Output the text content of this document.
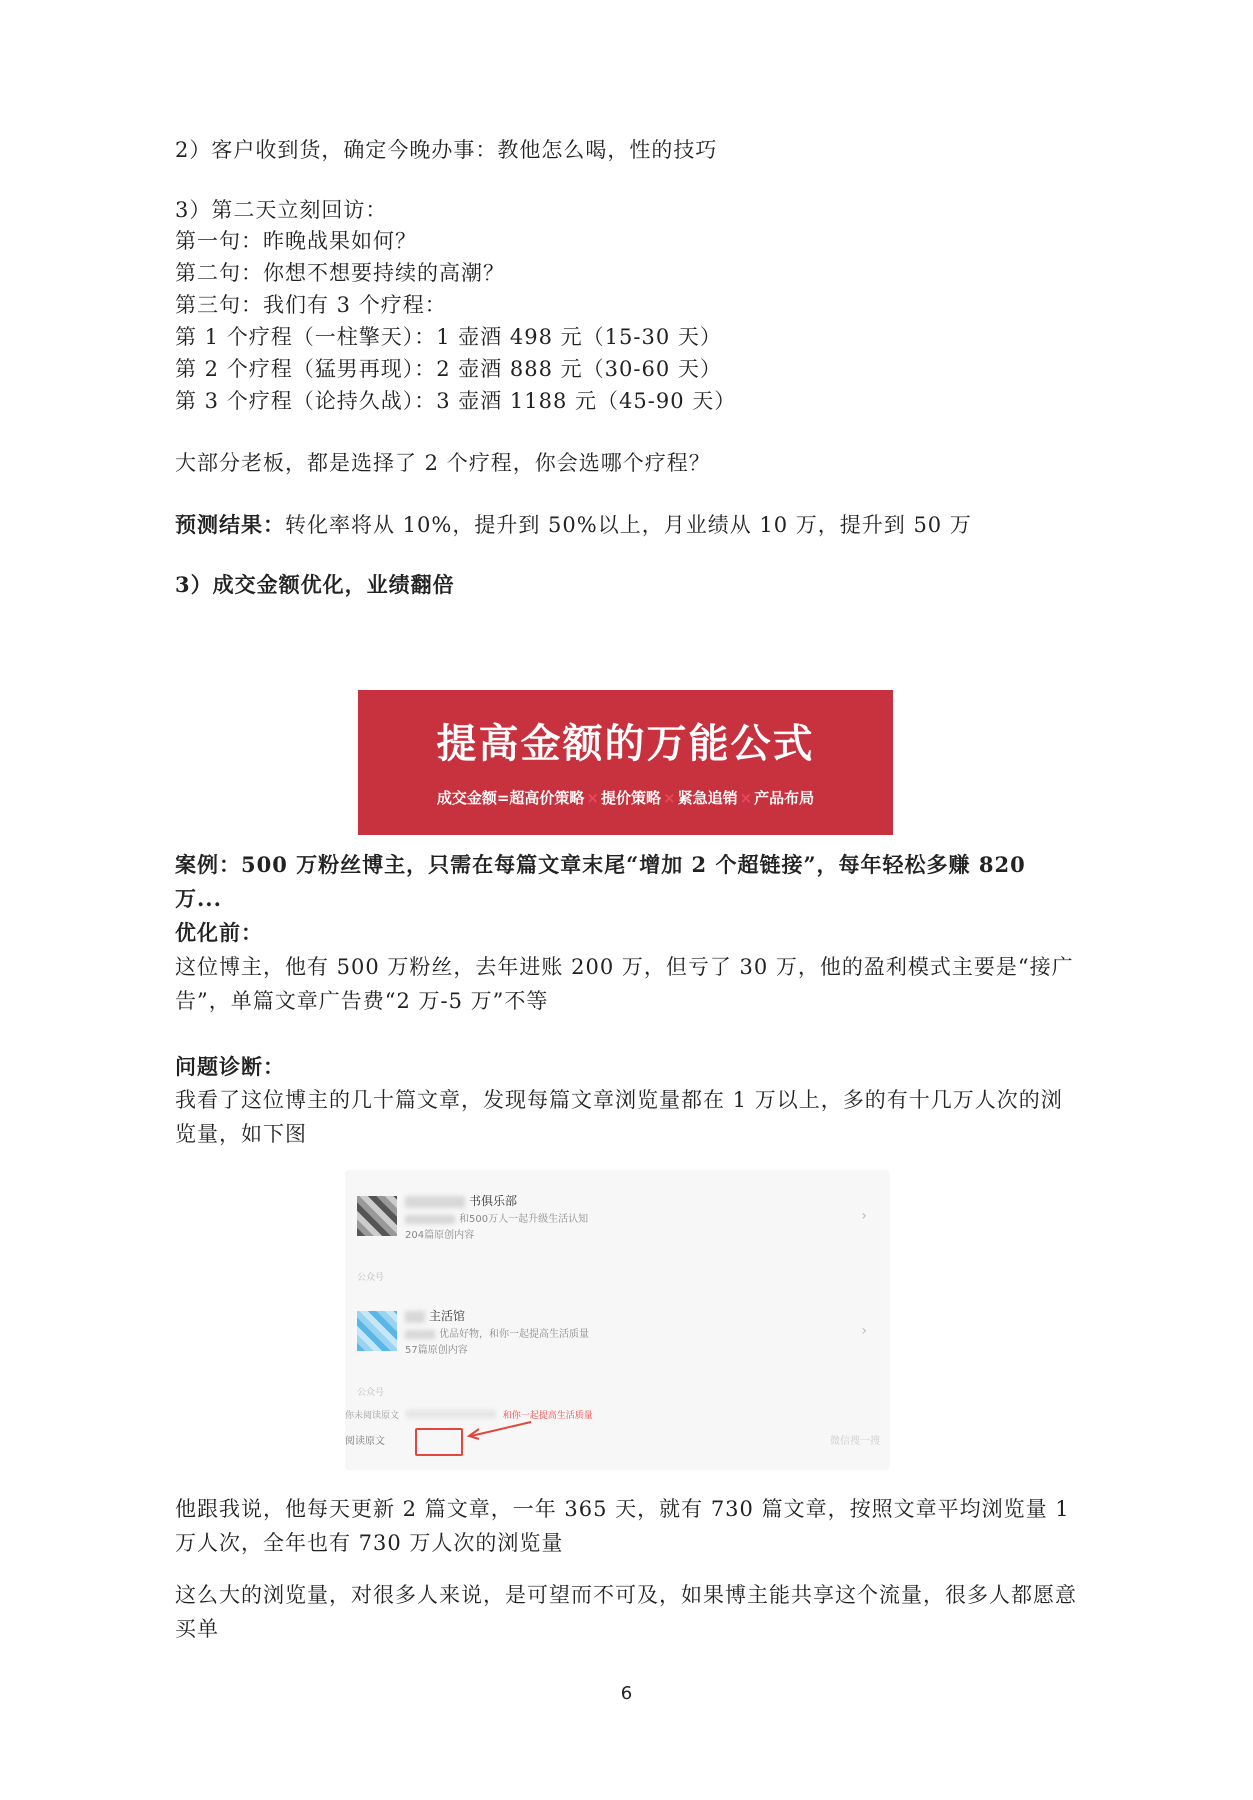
2）客户收到货，确定今晚办事：教他怎么喝，性的技巧
3）第二天立刻回访：
第一句：昨晚战果如何？
第二句：你想不想要持续的高潮？
第三句：我们有 3 个疗程：
第 1 个疗程（一柱擎天）：1 壶酒 498 元（15-30 天）
第 2 个疗程（猛男再现）：2 壶酒 888 元（30-60 天）
第 3 个疗程（论持久战）：3 壶酒 1188 元（45-90 天）
大部分老板，都是选择了 2 个疗程，你会选哪个疗程？
预测结果：转化率将从 10%，提升到 50%以上，月业绩从 10 万，提升到 50 万
3）成交金额优化，业绩翻倍
提高金额的万能公式
成交金额=超高价策略 × 提价策略 × 紧急追销 × 产品布局
案例：500 万粉丝博主，只需在每篇文章末尾“增加 2 个超链接”，每年轻松多赚 820 万...
优化前：
这位博主，他有 500 万粉丝，去年进账 200 万，但亏了 30 万，他的盈利模式主要是“接广告”，单篇文章广告费“2 万-5 万”不等
问题诊断：
我看了这位博主的几十篇文章，发现每篇文章浏览量都在 1 万以上，多的有十几万人次的浏览量，如下图
书俱乐部
和500万人一起升级生活认知
204篇原创内容
›
公众号
主活馆
优品好物，和你一起提高生活质量
57篇原创内容
›
公众号
你未阅读原文	和你一起提高生活质量
阅读原文	微信搜一搜
他跟我说，他每天更新 2 篇文章，一年 365 天，就有 730 篇文章，按照文章平均浏览量 1 万人次，全年也有 730 万人次的浏览量
这么大的浏览量，对很多人来说，是可望而不可及，如果博主能共享这个流量，很多人都愿意买单
6
